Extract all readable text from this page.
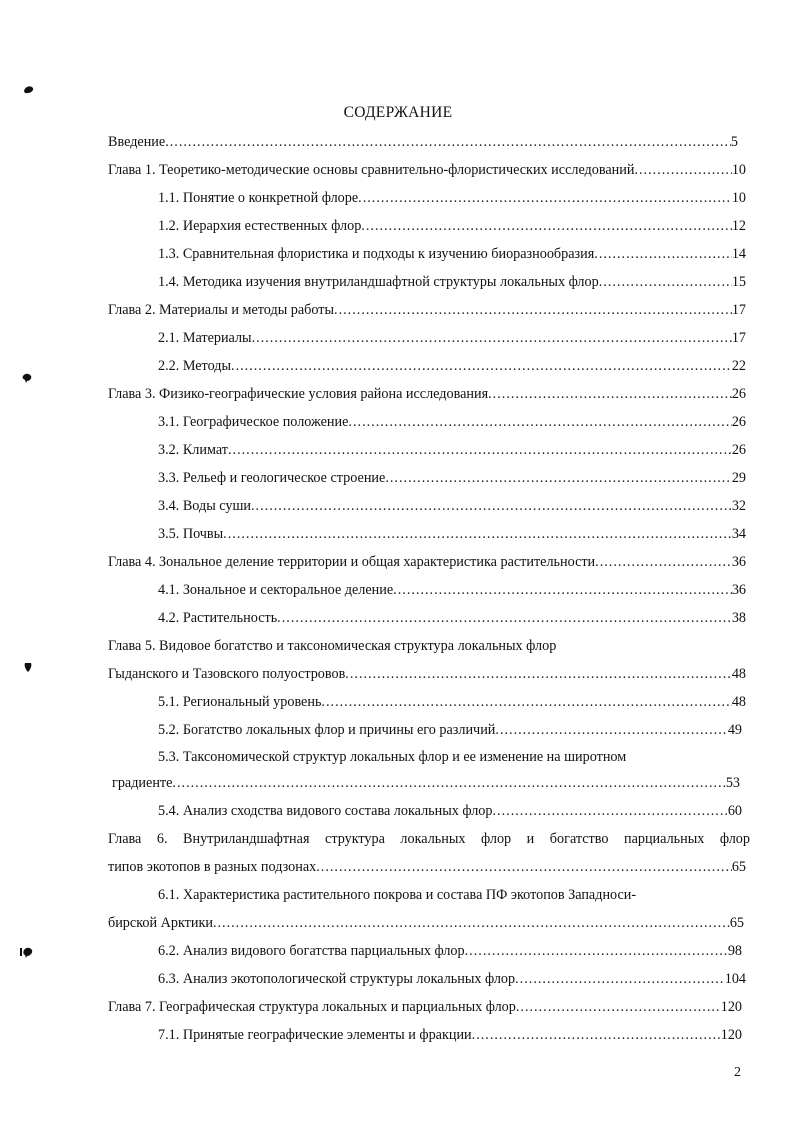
СОДЕРЖАНИЕ
Введение .....	5
Глава 1. Теоретико-методические основы сравнительно-флористических исследований .....	10
1.1. Понятие о конкретной флоре .....	10
1.2. Иерархия естественных флор .....	12
1.3. Сравнительная флористика и подходы к изучению биоразнообразия .....	14
1.4. Методика изучения внутриландшафтной структуры локальных флор .....	15
Глава 2. Материалы и методы работы .....	17
2.1. Материалы .....	17
2.2. Методы .....	22
Глава 3. Физико-географические условия района исследования .....	26
3.1. Географическое положение .....	26
3.2. Климат .....	26
3.3. Рельеф и геологическое строение .....	29
3.4. Воды суши .....	32
3.5. Почвы .....	34
Глава 4. Зональное деление территории и общая характеристика растительности .....	36
4.1. Зональное и секторальное деление .....	36
4.2. Растительность .....	38
Глава 5. Видовое богатство и таксономическая структура локальных флор
Гыданского и Тазовского полуостровов .....	48
5.1. Региональный уровень .....	48
5.2. Богатство локальных флор и причины его различий .....	49
5.3. Таксономической структур локальных флор и ее изменение на широтном
градиенте .....	53
5.4. Анализ сходства видового состава локальных флор .....	60
Глава 6. Внутриландшафтная структура локальных флор и богатство парциальных флор
типов экотопов в разных подзонах .....	65
6.1. Характеристика растительного покрова и состава ПФ экотопов Западноси-
бирской Арктики .....	65
6.2. Анализ видового богатства парциальных флор .....	98
6.3. Анализ экотопологической структуры локальных флор .....	104
Глава 7. Географическая структура локальных и парциальных флор .....	120
7.1. Принятые географические элементы и фракции .....	120
2
